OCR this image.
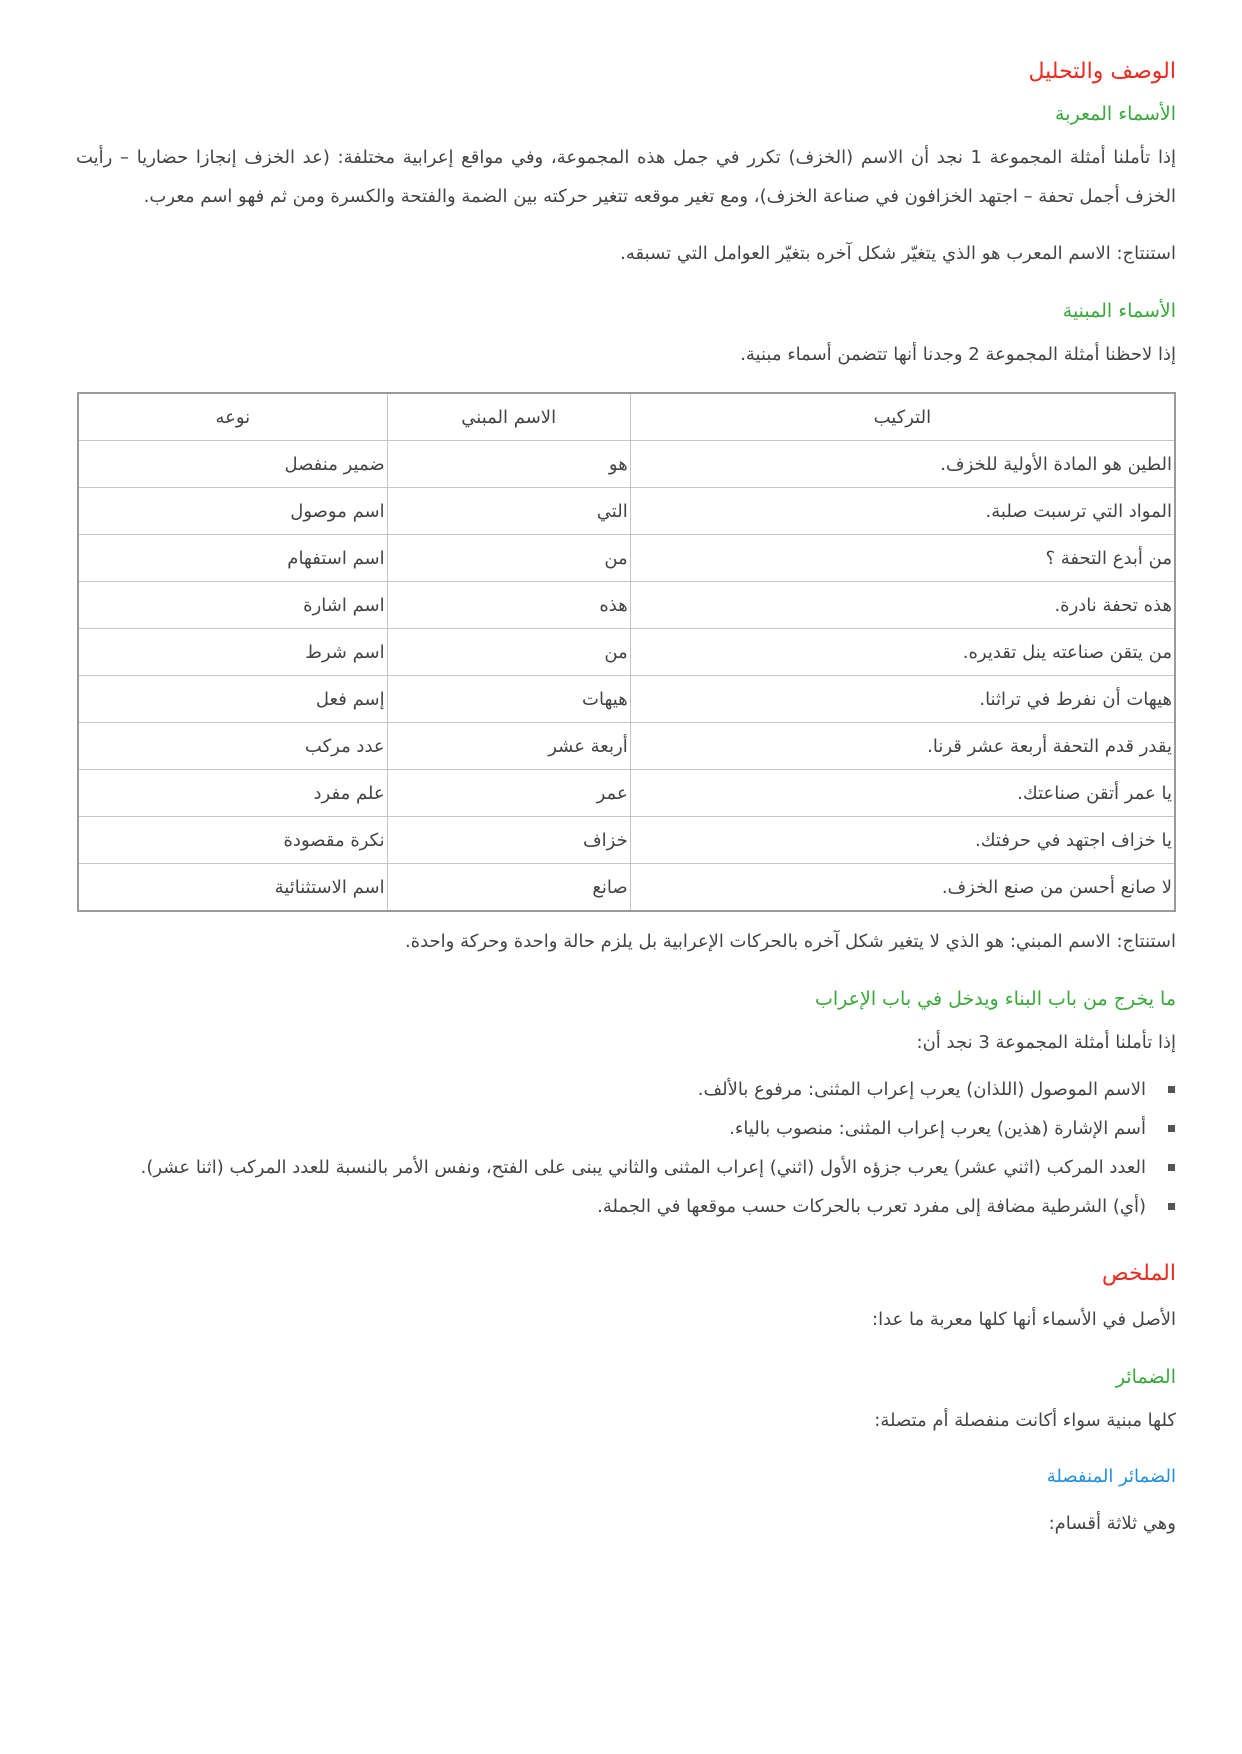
الوصف والتحليل
الأسماء المعربة

إذا تأملنا أمثلة المجموعة 1 نجد أن الاسم (الخزف) تكرر في جمل هذه المجموعة، وفي مواقع إعرابية مختلفة: (عد الخزف إنجازا حضاريا – رأيت الخزف أجمل تحفة – اجتهد الخزافون في صناعة الخزف)، ومع تغير موقعه تتغير حركته بين الضمة والفتحة والكسرة ومن ثم فهو اسم معرب.

استنتاج: الاسم المعرب هو الذي يتغيّر شكل آخره بتغيّر العوامل التي تسبقه.

الأسماء المبنية

إذا لاحظنا أمثلة المجموعة 2 وجدنا أنها تتضمن أسماء مبنية.

التركيب	الاسم المبني	نوعه
الطين هو المادة الأولية للخزف.	هو	ضمير منفصل
المواد التي ترسبت صلبة.	التي	اسم موصول
من أبدع التحفة ؟	من	اسم استفهام
هذه تحفة نادرة.	هذه	اسم اشارة
من يتقن صناعته ينل تقديره.	من	اسم شرط
هيهات أن نفرط في تراثنا.	هيهات	إسم فعل
يقدر قدم التحفة أربعة عشر قرنا.	أربعة عشر	عدد مركب
يا عمر أتقن صناعتك.	عمر	علم مفرد
يا خزاف اجتهد في حرفتك.	خزاف	نكرة مقصودة
لا صانع أحسن من صنع الخزف.	صانع	اسم الاستثنائية

استنتاج: الاسم المبني: هو الذي لا يتغير شكل آخره بالحركات الإعرابية بل يلزم حالة واحدة وحركة واحدة.

ما يخرج من باب البناء ويدخل في باب الإعراب

إذا تأملنا أمثلة المجموعة 3 نجد أن:

الاسم الموصول (اللذان) يعرب إعراب المثنى: مرفوع بالألف.
أسم الإشارة (هذين) يعرب إعراب المثنى: منصوب بالياء.
العدد المركب (اثني عشر) يعرب جزؤه الأول (اثني) إعراب المثنى والثاني يبنى على الفتح، ونفس الأمر بالنسبة للعدد المركب (اثنا عشر).
(أي) الشرطية مضافة إلى مفرد تعرب بالحركات حسب موقعها في الجملة.
الملخص

الأصل في الأسماء أنها كلها معربة ما عدا:

الضمائر

كلها مبنية سواء أكانت منفصلة أم متصلة:

الضمائر المنفصلة

وهي ثلاثة أقسام:
